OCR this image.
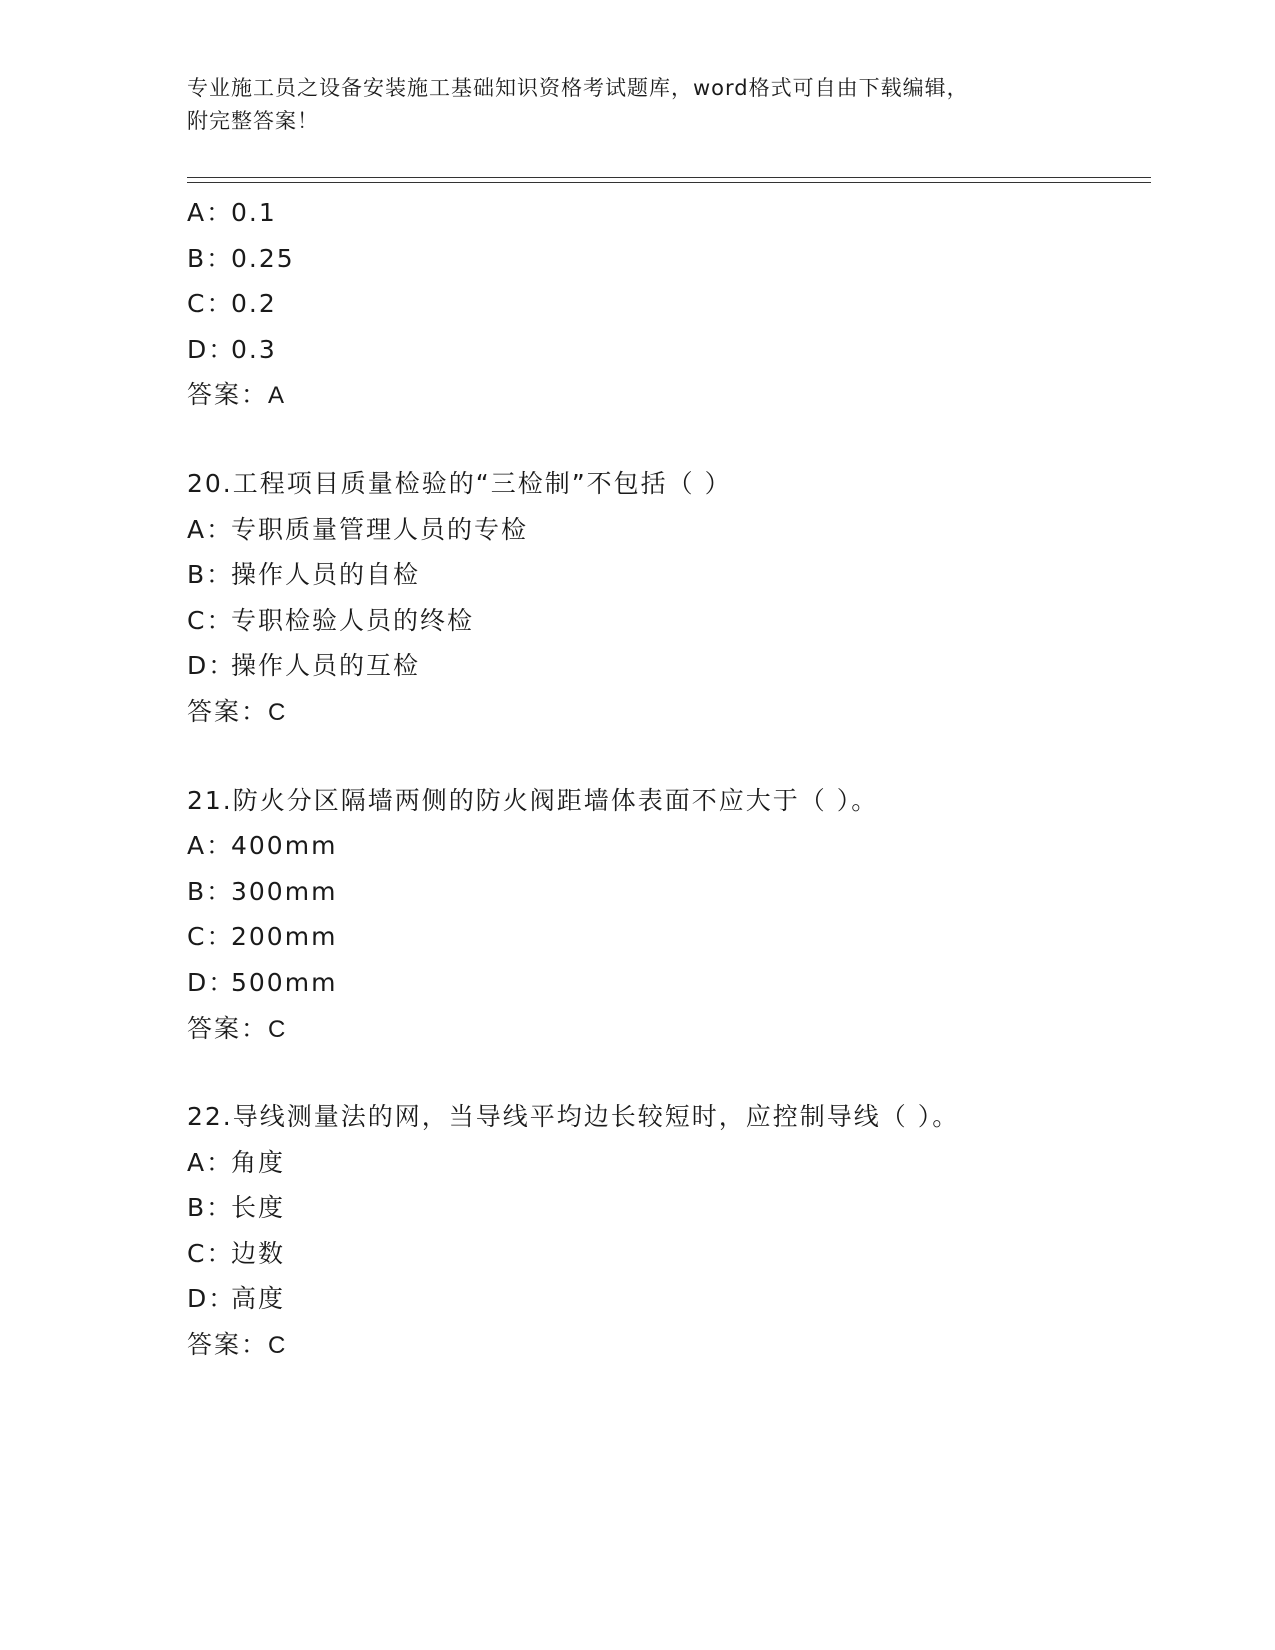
专业施工员之设备安装施工基础知识资格考试题库，word格式可自由下载编辑，
附完整答案！
A：0.1
B：0.25
C：0.2
D：0.3
答案：A
20.工程项目质量检验的“三检制”不包括（ ）
A：专职质量管理人员的专检
B：操作人员的自检
C：专职检验人员的终检
D：操作人员的互检
答案：C
21.防火分区隔墙两侧的防火阀距墙体表面不应大于（ ）。
A：400mm
B：300mm
C：200mm
D：500mm
答案：C
22.导线测量法的网，当导线平均边长较短时，应控制导线（ ）。
A：角度
B：长度
C：边数
D：高度
答案：C
